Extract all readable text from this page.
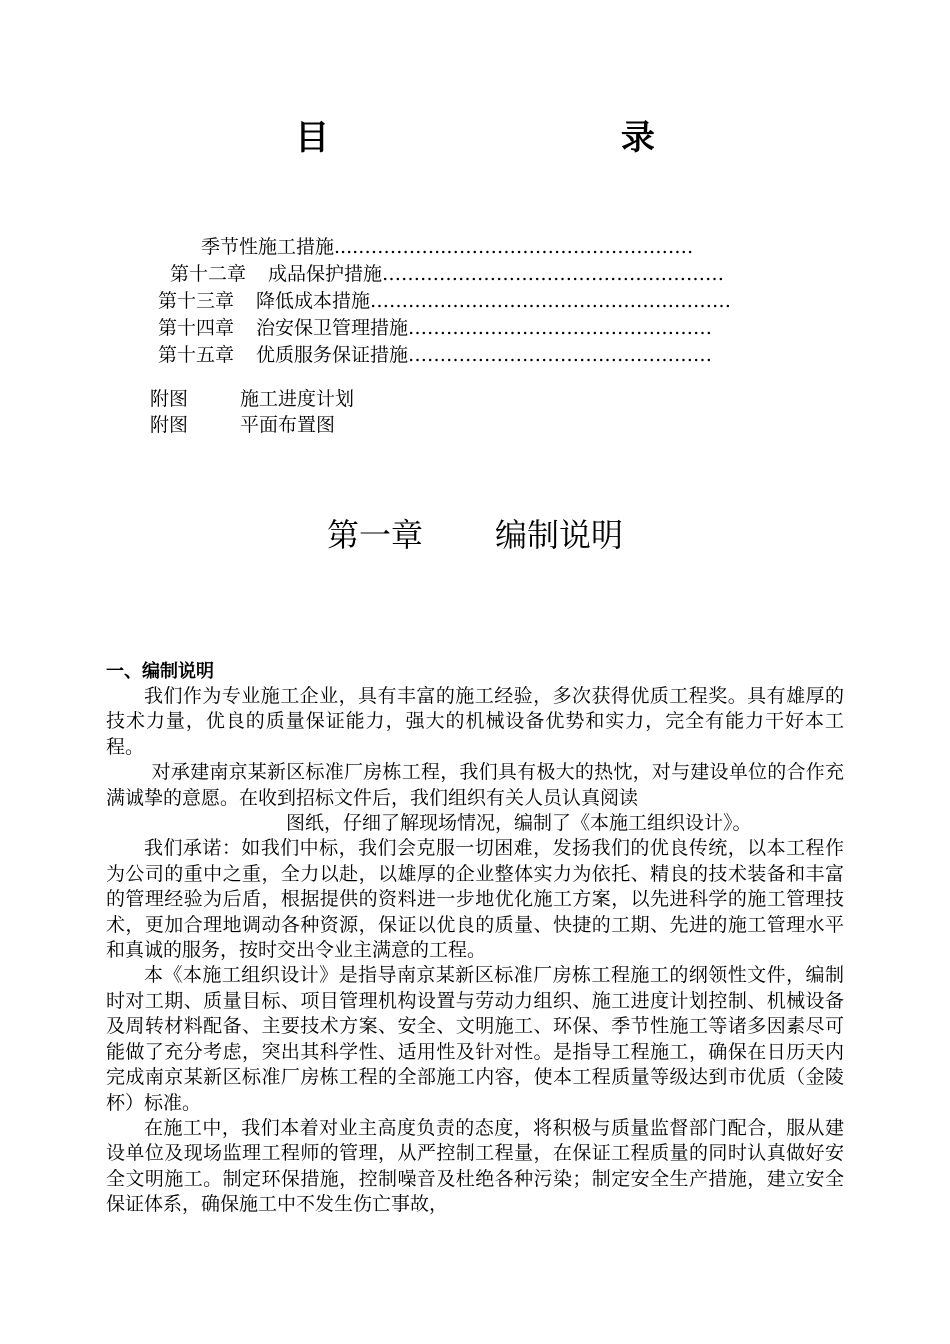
目 录
季节性施工措施....…………..…………………………………
第十二章 成品保护措施………………………………………………
第十三章 降低成本措施…………………………………………………
第十四章 治安保卫管理措施…………………………………………
第十五章 优质服务保证措施…………………………………………
附图	施工进度计划
附图	平面布置图
第一章 编制说明
一、编制说明

我们作为专业施工企业，具有丰富的施工经验，多次获得优质工程奖。具有雄厚的技术力量，优良的质量保证能力，强大的机械设备优势和实力，完全有能力干好本工程。

对承建南京某新区标准厂房栋工程，我们具有极大的热忱，对与建设单位的合作充满诚挚的意愿。在收到招标文件后，我们组织有关人员认真阅读

图纸，仔细了解现场情况，编制了《本施工组织设计》。

我们承诺：如我们中标，我们会克服一切困难，发扬我们的优良传统，以本工程作为公司的重中之重，全力以赴，以雄厚的企业整体实力为依托、精良的技术装备和丰富的管理经验为后盾，根据提供的资料进一步地优化施工方案，以先进科学的施工管理技术，更加合理地调动各种资源，保证以优良的质量、快捷的工期、先进的施工管理水平和真诚的服务，按时交出令业主满意的工程。

本《本施工组织设计》是指导南京某新区标准厂房栋工程施工的纲领性文件，编制时对工期、质量目标、项目管理机构设置与劳动力组织、施工进度计划控制、机械设备及周转材料配备、主要技术方案、安全、文明施工、环保、季节性施工等诸多因素尽可能做了充分考虑，突出其科学性、适用性及针对性。是指导工程施工，确保在日历天内完成南京某新区标准厂房栋工程的全部施工内容，使本工程质量等级达到市优质（金陵杯）标准。

在施工中，我们本着对业主高度负责的态度，将积极与质量监督部门配合，服从建设单位及现场监理工程师的管理，从严控制工程量，在保证工程质量的同时认真做好安全文明施工。制定环保措施，控制噪音及杜绝各种污染；制定安全生产措施，建立安全保证体系，确保施工中不发生伤亡事故，
